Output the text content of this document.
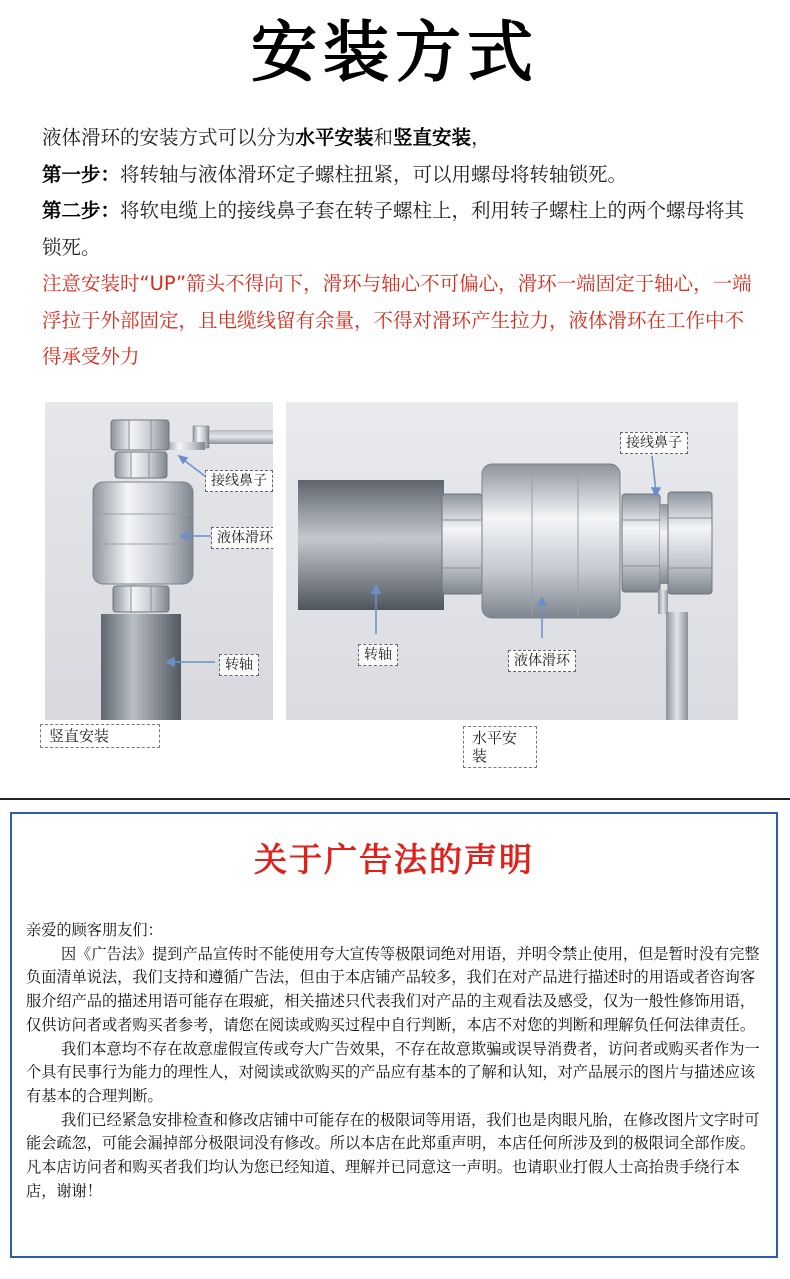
安装方式

液体滑环的安装方式可以分为水平安装和竖直安装，

第一步：将转轴与液体滑环定子螺柱扭紧，可以用螺母将转轴锁死。

第二步：将软电缆上的接线鼻子套在转子螺柱上，利用转子螺柱上的两个螺母将其锁死。

注意安装时“UP”箭头不得向下，滑环与轴心不可偏心，滑环一端固定于轴心，一端浮拉于外部固定，且电缆线留有余量，不得对滑环产生拉力，液体滑环在工作中不得承受外力

接线鼻子
液体滑环
转轴
竖直安装
接线鼻子
转轴	液体滑环
水平安装
关于广告法的声明

亲爱的顾客朋友们：

因《广告法》提到产品宣传时不能使用夸大宣传等极限词绝对用语，并明令禁止使用，但是暂时没有完整负面清单说法，我们支持和遵循广告法，但由于本店铺产品较多，我们在对产品进行描述时的用语或者咨询客服介绍产品的描述用语可能存在瑕疵，相关描述只代表我们对产品的主观看法及感受，仅为一般性修饰用语，仅供访问者或者购买者参考，请您在阅读或购买过程中自行判断，本店不对您的判断和理解负任何法律责任。

我们本意均不存在故意虚假宣传或夸大广告效果，不存在故意欺骗或误导消费者，访问者或购买者作为一个具有民事行为能力的理性人，对阅读或欲购买的产品应有基本的了解和认知，对产品展示的图片与描述应该有基本的合理判断。

我们已经紧急安排检查和修改店铺中可能存在的极限词等用语，我们也是肉眼凡胎，在修改图片文字时可能会疏忽，可能会漏掉部分极限词没有修改。所以本店在此郑重声明，本店任何所涉及到的极限词全部作废。凡本店访问者和购买者我们均认为您已经知道、理解并已同意这一声明。也请职业打假人士高抬贵手绕行本店，谢谢！
